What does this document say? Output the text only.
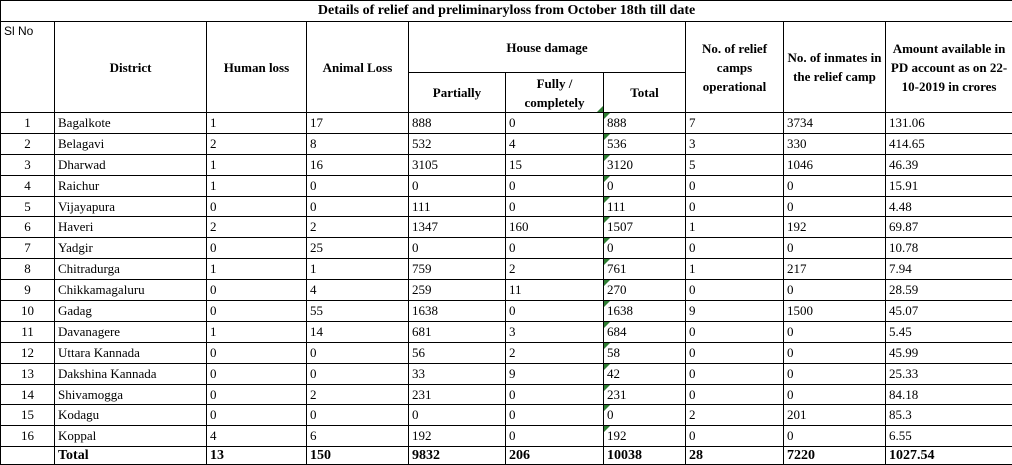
Details of relief and preliminaryloss from October 18th till date									
Sl No	District	Human loss	Animal Loss	House damage			No. of relief camps operational	No. of inmates in the relief camp	Amount available in PD account as on 22-10-2019 in crores
				Partially	Fully / completely	Total			
1	Bagalkote	1	17	888	0	888	7	3734	131.06
2	Belagavi	2	8	532	4	536	3	330	414.65
3	Dharwad	1	16	3105	15	3120	5	1046	46.39
4	Raichur	1	0	0	0	0	0	0	15.91
5	Vijayapura	0	0	111	0	111	0	0	4.48
6	Haveri	2	2	1347	160	1507	1	192	69.87
7	Yadgir	0	25	0	0	0	0	0	10.78
8	Chitradurga	1	1	759	2	761	1	217	7.94
9	Chikkamagaluru	0	4	259	11	270	0	0	28.59
10	Gadag	0	55	1638	0	1638	9	1500	45.07
11	Davanagere	1	14	681	3	684	0	0	5.45
12	Uttara Kannada	0	0	56	2	58	0	0	45.99
13	Dakshina Kannada	0	0	33	9	42	0	0	25.33
14	Shivamogga	0	2	231	0	231	0	0	84.18
15	Kodagu	0	0	0	0	0	2	201	85.3
16	Koppal	4	6	192	0	192	0	0	6.55
	Total	13	150	9832	206	10038	28	7220	1027.54
